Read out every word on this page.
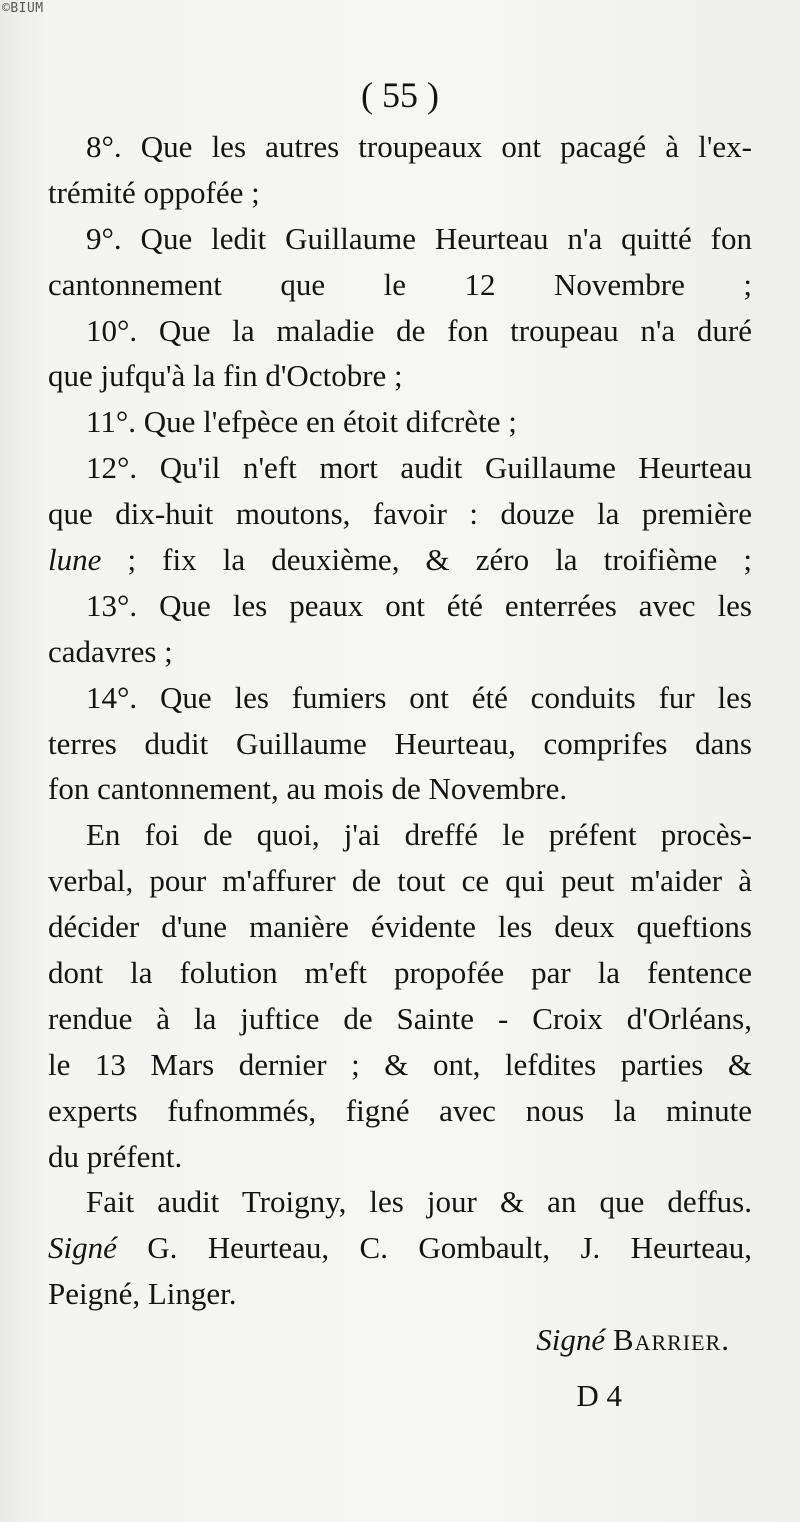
©BIUM
( 55 )
8°. Que les autres troupeaux ont pacagé à l'ex-
trémité oppofée ;
9°. Que ledit Guillaume Heurteau n'a quitté fon
cantonnement que le 12 Novembre ;
10°. Que la maladie de fon troupeau n'a duré
que jufqu'à la fin d'Octobre ;
11°. Que l'efpèce en étoit difcrète ;
12°. Qu'il n'eft mort audit Guillaume Heurteau
que dix-huit moutons, favoir : douze la première
lune ; fix la deuxième, & zéro la troifième ;
13°. Que les peaux ont été enterrées avec les
cadavres ;
14°. Que les fumiers ont été conduits fur les
terres dudit Guillaume Heurteau, comprifes dans
fon cantonnement, au mois de Novembre.
En foi de quoi, j'ai dreffé le préfent procès-
verbal, pour m'affurer de tout ce qui peut m'aider à
décider d'une manière évidente les deux queftions
dont la folution m'eft propofée par la fentence
rendue à la juftice de Sainte - Croix d'Orléans,
le 13 Mars dernier ; & ont, lefdites parties &
experts fufnommés, figné avec nous la minute
du préfent.
Fait audit Troigny, les jour & an que deffus.
Signé G. Heurteau, C. Gombault, J. Heurteau,
Peigné, Linger.
Signé Barrier.
D 4
